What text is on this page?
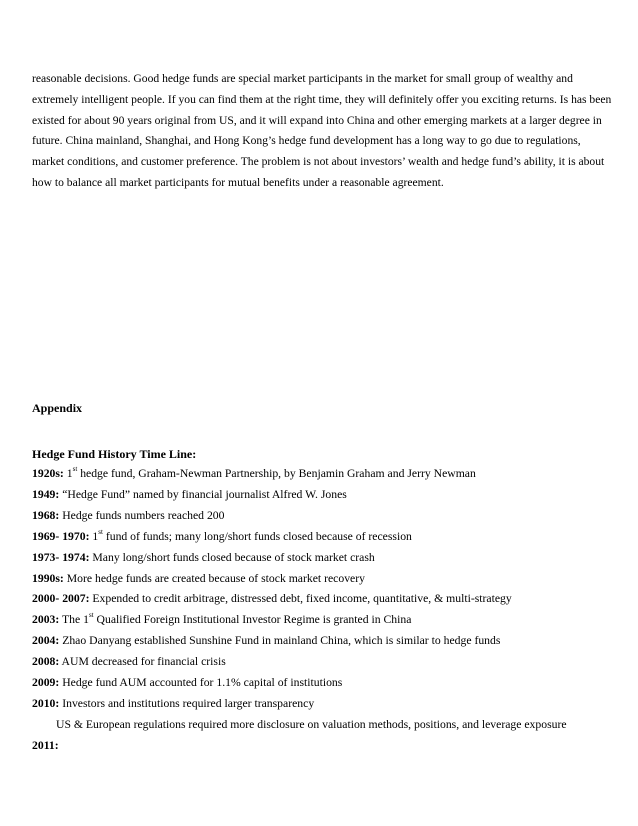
reasonable decisions. Good hedge funds are special market participants in the market for small group of wealthy and

extremely intelligent people. If you can find them at the right time, they will definitely offer you exciting returns. Is has been

existed for about 90 years original from US, and it will expand into China and other emerging markets at a larger degree in

future. China mainland, Shanghai, and Hong Kong’s hedge fund development has a long way to go due to regulations,

market conditions, and customer preference. The problem is not about investors’ wealth and hedge fund’s ability, it is about

how to balance all market participants for mutual benefits under a reasonable agreement.

Appendix
Hedge Fund History Time Line:
1920s: 1st hedge fund, Graham-Newman Partnership, by Benjamin Graham and Jerry Newman
1949: “Hedge Fund” named by financial journalist Alfred W. Jones
1968: Hedge funds numbers reached 200
1969- 1970: 1st fund of funds; many long/short funds closed because of recession
1973- 1974: Many long/short funds closed because of stock market crash
1990s: More hedge funds are created because of stock market recovery
2000- 2007: Expended to credit arbitrage, distressed debt, fixed income, quantitative, & multi-strategy
2003: The 1st Qualified Foreign Institutional Investor Regime is granted in China
2004: Zhao Danyang established Sunshine Fund in mainland China, which is similar to hedge funds
2008: AUM decreased for financial crisis
2009: Hedge fund AUM accounted for 1.1% capital of institutions
2010: Investors and institutions required larger transparency
US & European regulations required more disclosure on valuation methods, positions, and leverage exposure
2011:
